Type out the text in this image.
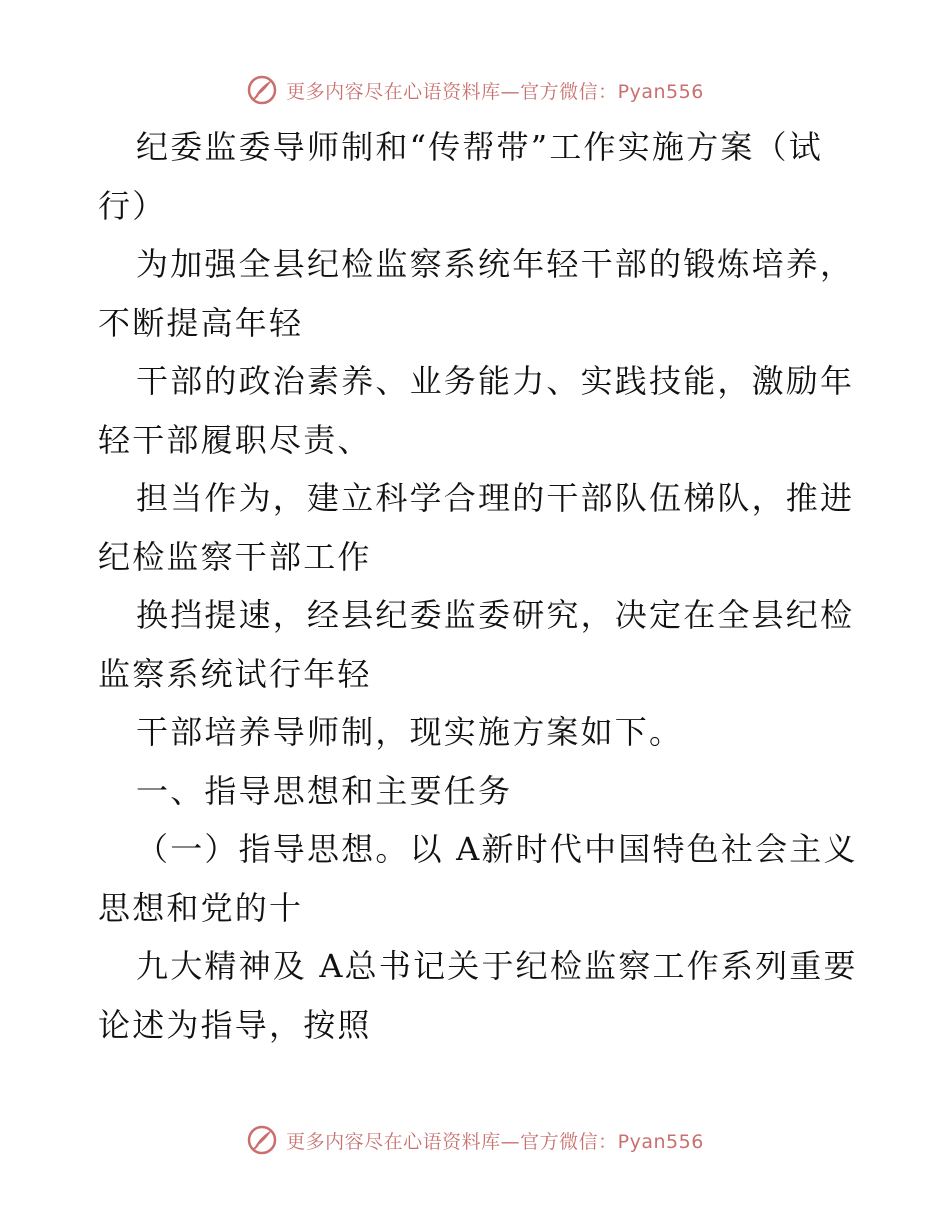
更多内容尽在心语资料库—官方微信：Pyan556

纪委监委导师制和“传帮带”工作实施方案（试行）

为加强全县纪检监察系统年轻干部的锻炼培养，不断提高年轻

干部的政治素养、业务能力、实践技能，激励年轻干部履职尽责、

担当作为，建立科学合理的干部队伍梯队，推进纪检监察干部工作

换挡提速，经县纪委监委研究，决定在全县纪检监察系统试行年轻

干部培养导师制，现实施方案如下。

一、指导思想和主要任务

（一）指导思想。以 A新时代中国特色社会主义思想和党的十

九大精神及 A总书记关于纪检监察工作系列重要论述为指导，按照

更多内容尽在心语资料库—官方微信：Pyan556
